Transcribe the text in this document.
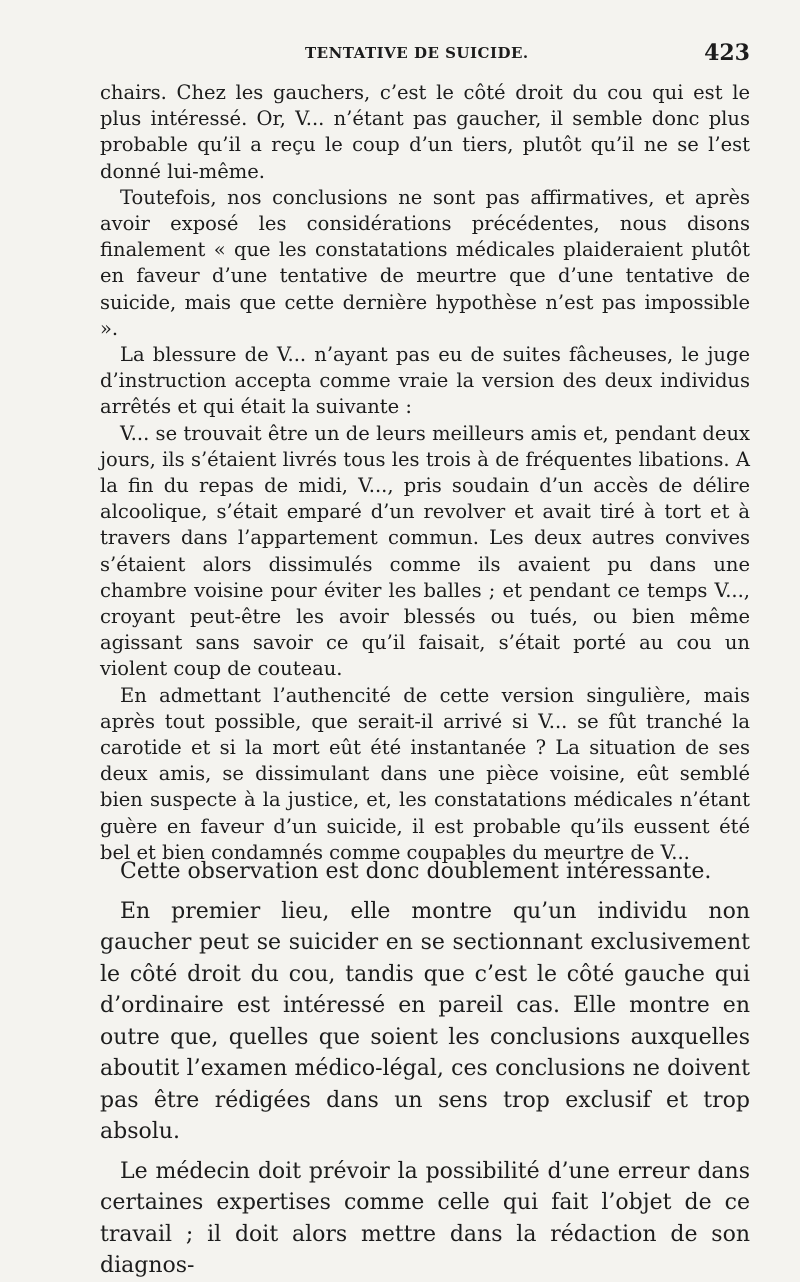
TENTATIVE DE SUICIDE.	423

chairs. Chez les gauchers, c’est le côté droit du cou qui est le plus intéressé. Or, V... n’étant pas gaucher, il semble donc plus probable qu’il a reçu le coup d’un tiers, plutôt qu’il ne se l’est donné lui-même.

Toutefois, nos conclusions ne sont pas affirmatives, et après avoir exposé les considérations précédentes, nous disons finalement « que les constatations médicales plaideraient plutôt en faveur d’une tentative de meurtre que d’une tentative de suicide, mais que cette dernière hypothèse n’est pas impossible ».

La blessure de V... n’ayant pas eu de suites fâcheuses, le juge d’instruction accepta comme vraie la version des deux individus arrêtés et qui était la suivante :

V... se trouvait être un de leurs meilleurs amis et, pendant deux jours, ils s’étaient livrés tous les trois à de fréquentes libations. A la fin du repas de midi, V..., pris soudain d’un accès de délire alcoolique, s’était emparé d’un revolver et avait tiré à tort et à travers dans l’appartement commun. Les deux autres convives s’étaient alors dissimulés comme ils avaient pu dans une chambre voisine pour éviter les balles ; et pendant ce temps V..., croyant peut-être les avoir blessés ou tués, ou bien même agissant sans savoir ce qu’il faisait, s’était porté au cou un violent coup de couteau.

En admettant l’authencité de cette version singulière, mais après tout possible, que serait-il arrivé si V... se fût tranché la carotide et si la mort eût été instantanée ? La situation de ses deux amis, se dissimulant dans une pièce voisine, eût semblé bien suspecte à la justice, et, les constatations médicales n’étant guère en faveur d’un suicide, il est probable qu’ils eussent été bel et bien condamnés comme coupables du meurtre de V...

Cette observation est donc doublement intéressante.

En premier lieu, elle montre qu’un individu non gaucher peut se suicider en se sectionnant exclusivement le côté droit du cou, tandis que c’est le côté gauche qui d’ordinaire est intéressé en pareil cas. Elle montre en outre que, quelles que soient les conclusions auxquelles aboutit l’examen médico-légal, ces conclusions ne doivent pas être rédigées dans un sens trop exclusif et trop absolu.

Le médecin doit prévoir la possibilité d’une erreur dans certaines expertises comme celle qui fait l’objet de ce travail ; il doit alors mettre dans la rédaction de son diagnos-
